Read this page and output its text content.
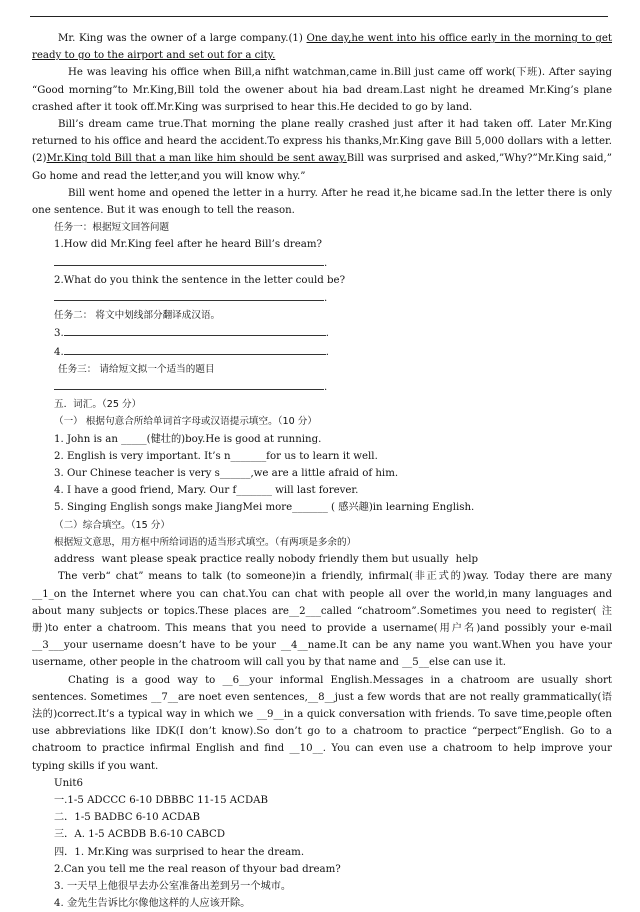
Mr. King was the owner of a large company.(1) One day,he went into his office early in the morning to get ready to go to the airport and set out for a city.

He was leaving his office when Bill,a nifht watchman,came in.Bill just came off work(下班). After saying “Good morning”to Mr.King,Bill told the owener about hia bad dream.Last night he dreamed Mr.King’s plane crashed after it took off.Mr.King was surprised to hear this.He decided to go by land.

Bill’s dream came true.That morning the plane really crashed just after it had taken off. Later Mr.King returned to his office and heard the accident.To express his thanks,Mr.King gave Bill 5,000 dollars with a letter.(2)Mr.King told Bill that a man like him should be sent away.Bill was surprised and asked,”Why?”Mr.King said,” Go home and read the letter,and you will know why.”

Bill went home and opened the letter in a hurry. After he read it,he bicame sad.In the letter there is only one sentence. But it was enough to tell the reason.

任务一：根据短文回答问题
1.How did Mr.King feel after he heard Bill’s dream?
.
2.What do you think the sentence in the letter could be?
.
任务二： 将文中划线部分翻译成汉语。
3.	.
4.	.
任务三： 请给短文拟一个适当的题目
.
五．词汇。（25 分）
（一） 根据句意合所给单词首字母或汉语提示填空。（10 分）
1. John is an _____(健壮的)boy.He is good at running.
2. English is very important. It’s n_______for us to learn it well.
3. Our Chinese teacher is very s______,we are a little afraid of him.
4. I have a good friend, Mary. Our f_______ will last forever.
5. Singing English songs make JiangMei more_______ ( 感兴趣)in learning English.
（二）综合填空。（15 分）
根据短文意思，用方框中所给词语的适当形式填空。（有两项是多余的）
address want please speak practice really nobody friendly them but usually help

The verb“ chat” means to talk (to someone)in a friendly, infirmal(非正式的)way. Today there are many __1_on the Internet where you can chat.You can chat with people all over the world,in many languages and about many subjects or topics.These places are__2___called “chatroom”.Sometimes you need to register( 注册)to enter a chatroom. This means that you need to provide a username(用户名)and possibly your e-mail __3___your username doesn’t have to be your __4__name.It can be any name you want.When you have your username, other people in the chatroom will call you by that name and __5__else can use it.

Chating is a good way to __6__your informal English.Messages in a chatroom are usually short sentences. Sometimes __7__are noet even sentences,__8__just a few words that are not really grammatically(语法的)correct.It’s a typical way in which we __9__in a quick conversation with friends. To save time,people often use abbreviations like IDK(I don’t know).So don’t go to a chatroom to practice “perpect”English. Go to a chatroom to practice infirmal English and find __10__. You can even use a chatroom to help improve your typing skills if you want.

Unit6
一.1-5 ADCCC 6-10 DBBBC 11-15 ACDAB
二．1-5 BADBC 6-10 ACDAB
三．A. 1-5 ACBDB B.6-10 CABCD
四．1. Mr.King was surprised to hear the dream.
2.Can you tell me the real reason of thyour bad dream?
3. 一天早上他很早去办公室准备出差到另一个城市。
4. 金先生告诉比尔像他这样的人应该开除。
